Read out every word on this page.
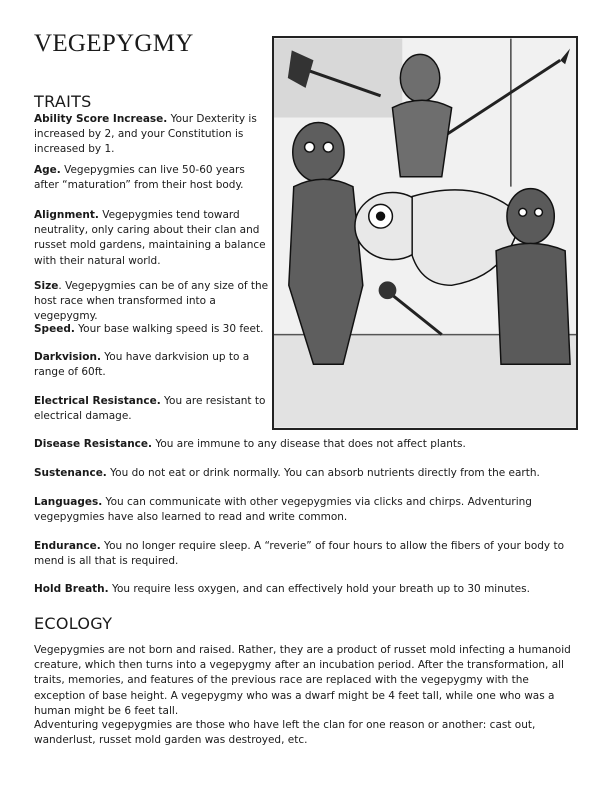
VEGEPYGMY
TRAITS

Ability Score Increase. Your Dexterity is increased by 2, and your Constitution is increased by 1.

Age. Vegepygmies can live 50-60 years after “maturation” from their host body.

Alignment. Vegepygmies tend toward neutrality, only caring about their clan and russet mold gardens, maintaining a balance with their natural world.

Size. Vegepygmies can be of any size of the host race when transformed into a vegepygmy.

Speed. Your base walking speed is 30 feet.

Darkvision. You have darkvision up to a range of 60ft.

Electrical Resistance. You are resistant to electrical damage.

Disease Resistance. You are immune to any disease that does not affect plants.

Sustenance. You do not eat or drink normally. You can absorb nutrients directly from the earth.

Languages. You can communicate with other vegepygmies via clicks and chirps. Adventuring vegepygmies have also learned to read and write common.

Endurance. You no longer require sleep. A “reverie” of four hours to allow the fibers of your body to mend is all that is required.

Hold Breath. You require less oxygen, and can effectively hold your breath up to 30 minutes.

ECOLOGY

Vegepygmies are not born and raised. Rather, they are a product of russet mold infecting a humanoid creature, which then turns into a vegepygmy after an incubation period. After the transformation, all traits, memories, and features of the previous race are replaced with the vegepygmy with the exception of base height. A vegepygmy who was a dwarf might be 4 feet tall, while one who was a human might be 6 feet tall.

Adventuring vegepygmies are those who have left the clan for one reason or another: cast out, wanderlust, russet mold garden was destroyed, etc.
